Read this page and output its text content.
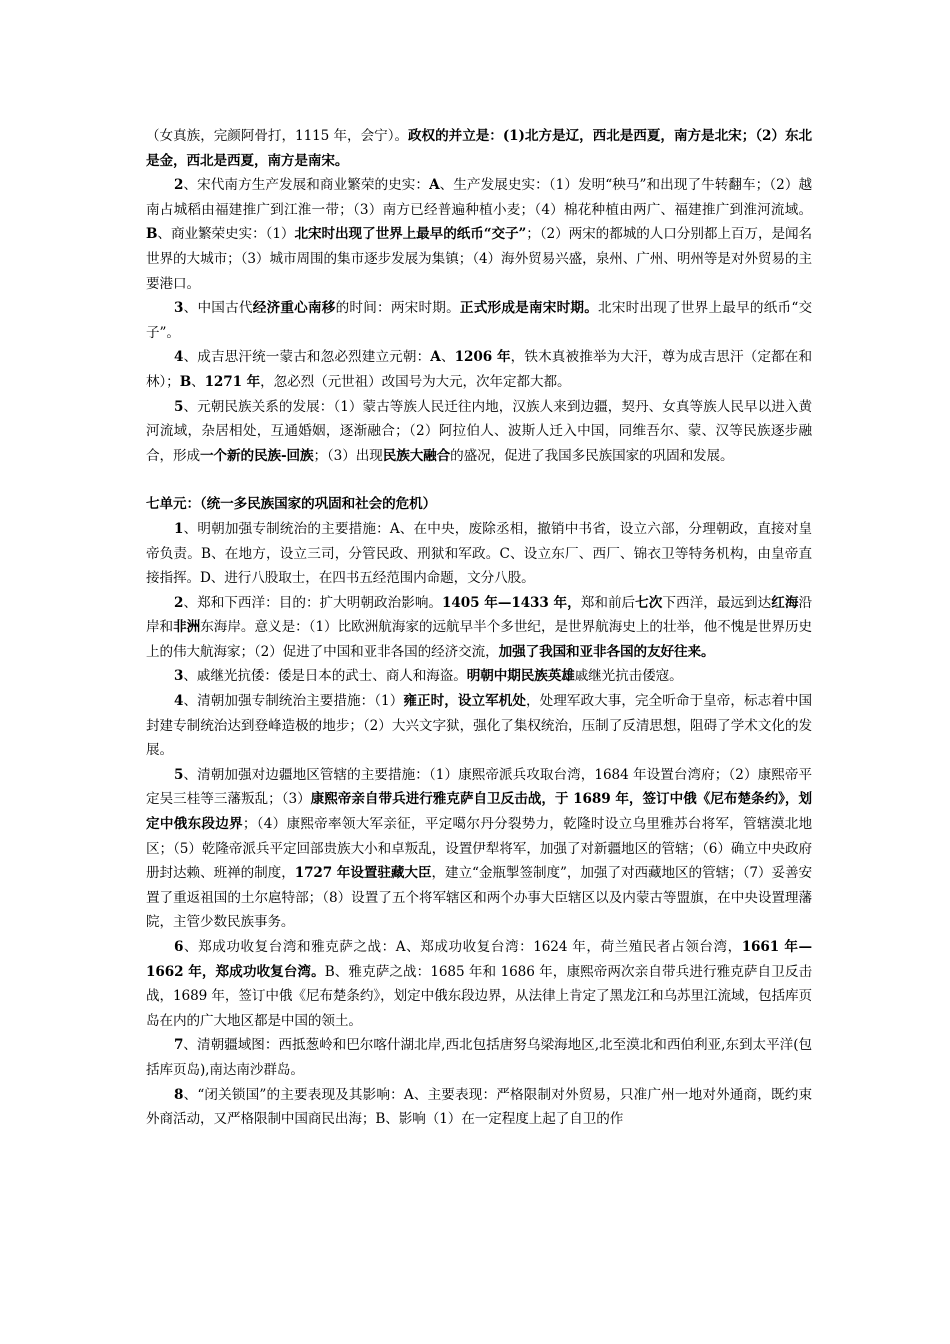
（女真族，完颜阿骨打，1115 年，会宁）。政权的并立是：(1)北方是辽，西北是西夏，南方是北宋；（2）东北是金，西北是西夏，南方是南宋。

2、宋代南方生产发展和商业繁荣的史实：A、生产发展史实：（1）发明“秧马”和出现了牛转翻车；（2）越南占城稻由福建推广到江淮一带；（3）南方已经普遍种植小麦；（4）棉花种植由两广、福建推广到淮河流域。B、商业繁荣史实：（1）北宋时出现了世界上最早的纸币“交子”；（2）两宋的都城的人口分别都上百万，是闻名世界的大城市；（3）城市周围的集市逐步发展为集镇；（4）海外贸易兴盛，泉州、广州、明州等是对外贸易的主要港口。

3、中国古代经济重心南移的时间：两宋时期。正式形成是南宋时期。北宋时出现了世界上最早的纸币“交子”。

4、成吉思汗统一蒙古和忽必烈建立元朝：A、1206 年，铁木真被推举为大汗，尊为成吉思汗（定都在和林）；B、1271 年，忽必烈（元世祖）改国号为大元，次年定都大都。

5、元朝民族关系的发展：（1）蒙古等族人民迁往内地，汉族人来到边疆，契丹、女真等族人民早以进入黄河流域，杂居相处，互通婚姻，逐渐融合；（2）阿拉伯人、波斯人迁入中国，同维吾尔、蒙、汉等民族逐步融合，形成一个新的民族-回族；（3）出现民族大融合的盛况，促进了我国多民族国家的巩固和发展。

七单元：（统一多民族国家的巩固和社会的危机）

1、明朝加强专制统治的主要措施：A、在中央，废除丞相，撤销中书省，设立六部，分理朝政，直接对皇帝负责。B、在地方，设立三司，分管民政、刑狱和军政。C、设立东厂、西厂、锦衣卫等特务机构，由皇帝直接指挥。D、进行八股取士，在四书五经范围内命题，文分八股。

2、郑和下西洋：目的：扩大明朝政治影响。1405 年—1433 年，郑和前后七次下西洋，最远到达红海沿岸和非洲东海岸。意义是：（1）比欧洲航海家的远航早半个多世纪，是世界航海史上的壮举，他不愧是世界历史上的伟大航海家；（2）促进了中国和亚非各国的经济交流，加强了我国和亚非各国的友好往来。

3、戚继光抗倭：倭是日本的武士、商人和海盗。明朝中期民族英雄戚继光抗击倭寇。

4、清朝加强专制统治主要措施：（1）雍正时，设立军机处，处理军政大事，完全听命于皇帝，标志着中国封建专制统治达到登峰造极的地步；（2）大兴文字狱，强化了集权统治，压制了反清思想，阻碍了学术文化的发展。

5、清朝加强对边疆地区管辖的主要措施：（1）康熙帝派兵攻取台湾，1684 年设置台湾府；（2）康熙帝平定吴三桂等三藩叛乱；（3）康熙帝亲自带兵进行雅克萨自卫反击战，于 1689 年，签订中俄《尼布楚条约》，划定中俄东段边界；（4）康熙帝率领大军亲征，平定噶尔丹分裂势力，乾隆时设立乌里雅苏台将军，管辖漠北地区；（5）乾隆帝派兵平定回部贵族大小和卓叛乱，设置伊犁将军，加强了对新疆地区的管辖；（6）确立中央政府册封达赖、班禅的制度，1727 年设置驻藏大臣，建立“金瓶掣签制度”，加强了对西藏地区的管辖；（7）妥善安置了重返祖国的土尔扈特部；（8）设置了五个将军辖区和两个办事大臣辖区以及内蒙古等盟旗，在中央设置理藩院，主管少数民族事务。

6、郑成功收复台湾和雅克萨之战：A、郑成功收复台湾：1624 年，荷兰殖民者占领台湾，1661 年—1662 年，郑成功收复台湾。B、雅克萨之战：1685 年和 1686 年，康熙帝两次亲自带兵进行雅克萨自卫反击战，1689 年，签订中俄《尼布楚条约》，划定中俄东段边界，从法律上肯定了黑龙江和乌苏里江流域，包括库页岛在内的广大地区都是中国的领土。

7、清朝疆域图：西抵葱岭和巴尔喀什湖北岸,西北包括唐努乌梁海地区,北至漠北和西伯利亚,东到太平洋(包括库页岛),南达南沙群岛。

8、“闭关锁国”的主要表现及其影响：A、主要表现：严格限制对外贸易，只准广州一地对外通商，既约束外商活动，又严格限制中国商民出海；B、影响（1）在一定程度上起了自卫的作
